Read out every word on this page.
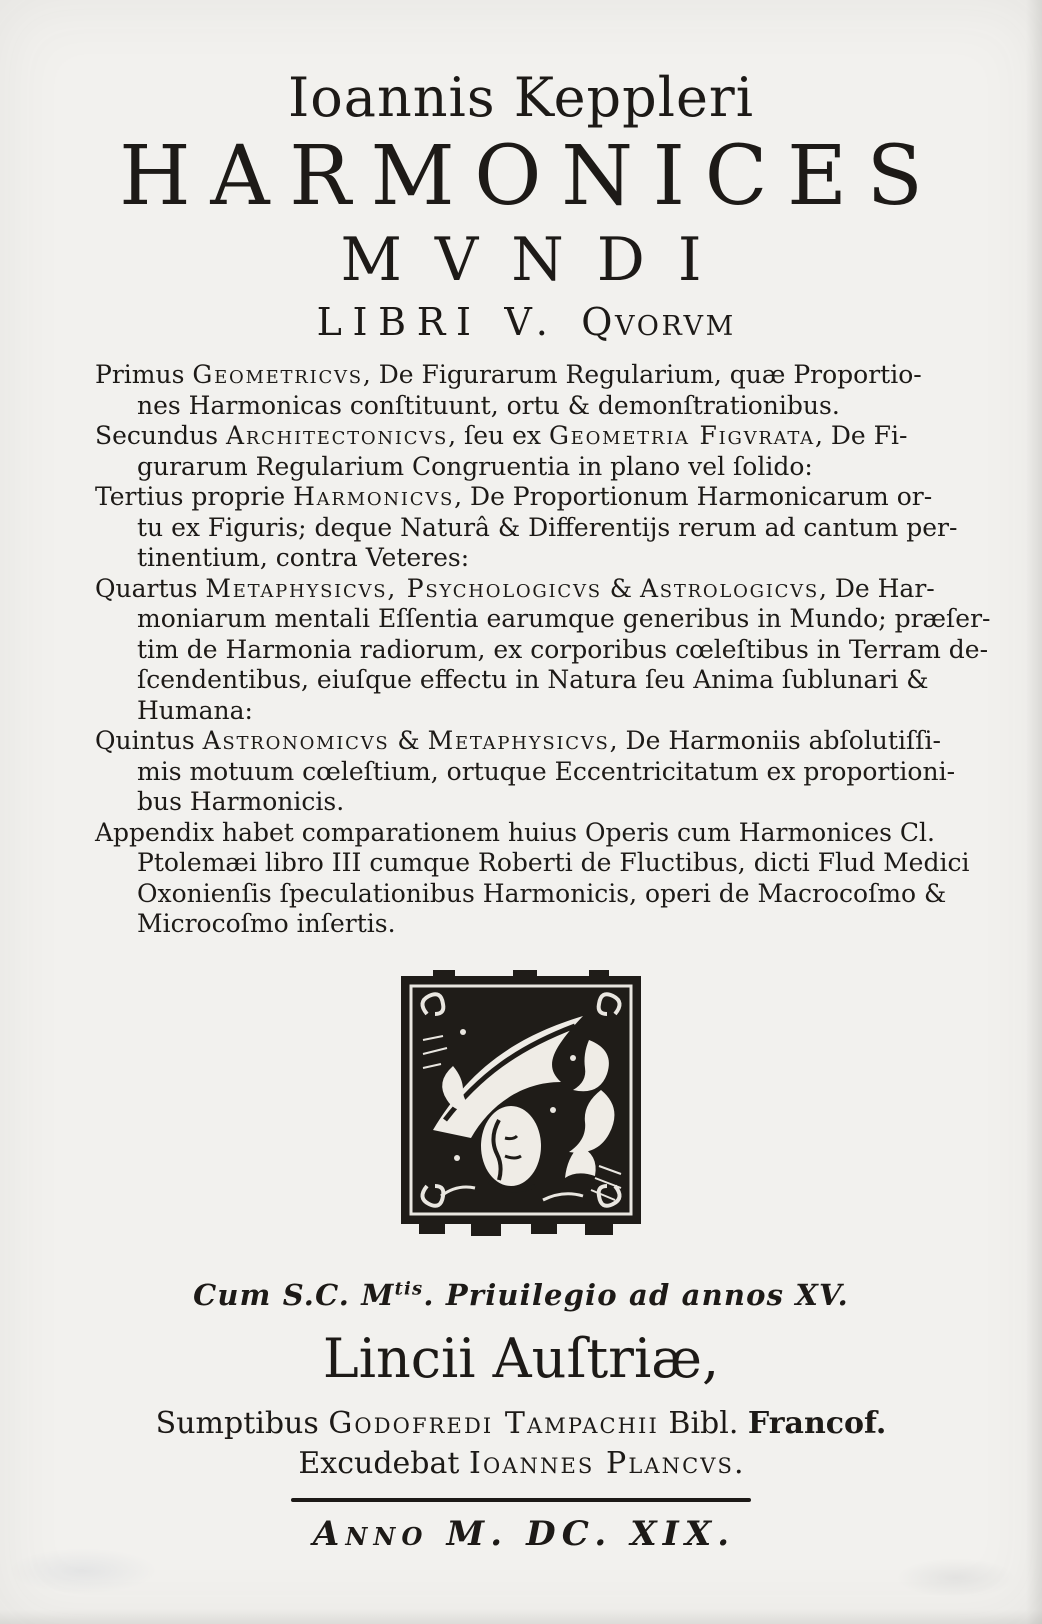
Ioannis Keppleri
HARMONICES
MVNDI
LIBRI V. Qvorvm
Primus Geometricvs, De Figurarum Regularium, quæ Proportio-
nes Harmonicas conſtituunt, ortu & demonſtrationibus.
Secundus Architectonicvs, ſeu ex Geometria Figvrata, De Fi-
gurarum Regularium Congruentia in plano vel ſolido:
Tertius proprie Harmonicvs, De Proportionum Harmonicarum or-
tu ex Figuris; deque Naturâ & Differentijs rerum ad cantum per-
tinentium, contra Veteres:
Quartus Metaphysicvs, Psychologicvs & Astrologicvs, De Har-
moniarum mentali Eſſentia earumque generibus in Mundo; præſer-
tim de Harmonia radiorum, ex corporibus cœleſtibus in Terram de-
ſcendentibus, eiuſque effectu in Natura ſeu Anima ſublunari &
Humana:
Quintus Astronomicvs & Metaphysicvs, De Harmoniis abſolutiſſi-
mis motuum cœleſtium, ortuque Eccentricitatum ex proportioni-
bus Harmonicis.
Appendix habet comparationem huius Operis cum Harmonices Cl.
Ptolemæi libro III cumque Roberti de Fluctibus, dicti Flud Medici
Oxonienſis ſpeculationibus Harmonicis, operi de Macrocoſmo &
Microcoſmo inſertis.
Cum S.C. $M^{tis}$. Priuilegio ad annos XV.
Lincii Auſtriæ,
Sumptibus Godofredi Tampachii Bibl. Francof.
Excudebat Ioannes Plancvs.
Anno M. DC. XIX.
